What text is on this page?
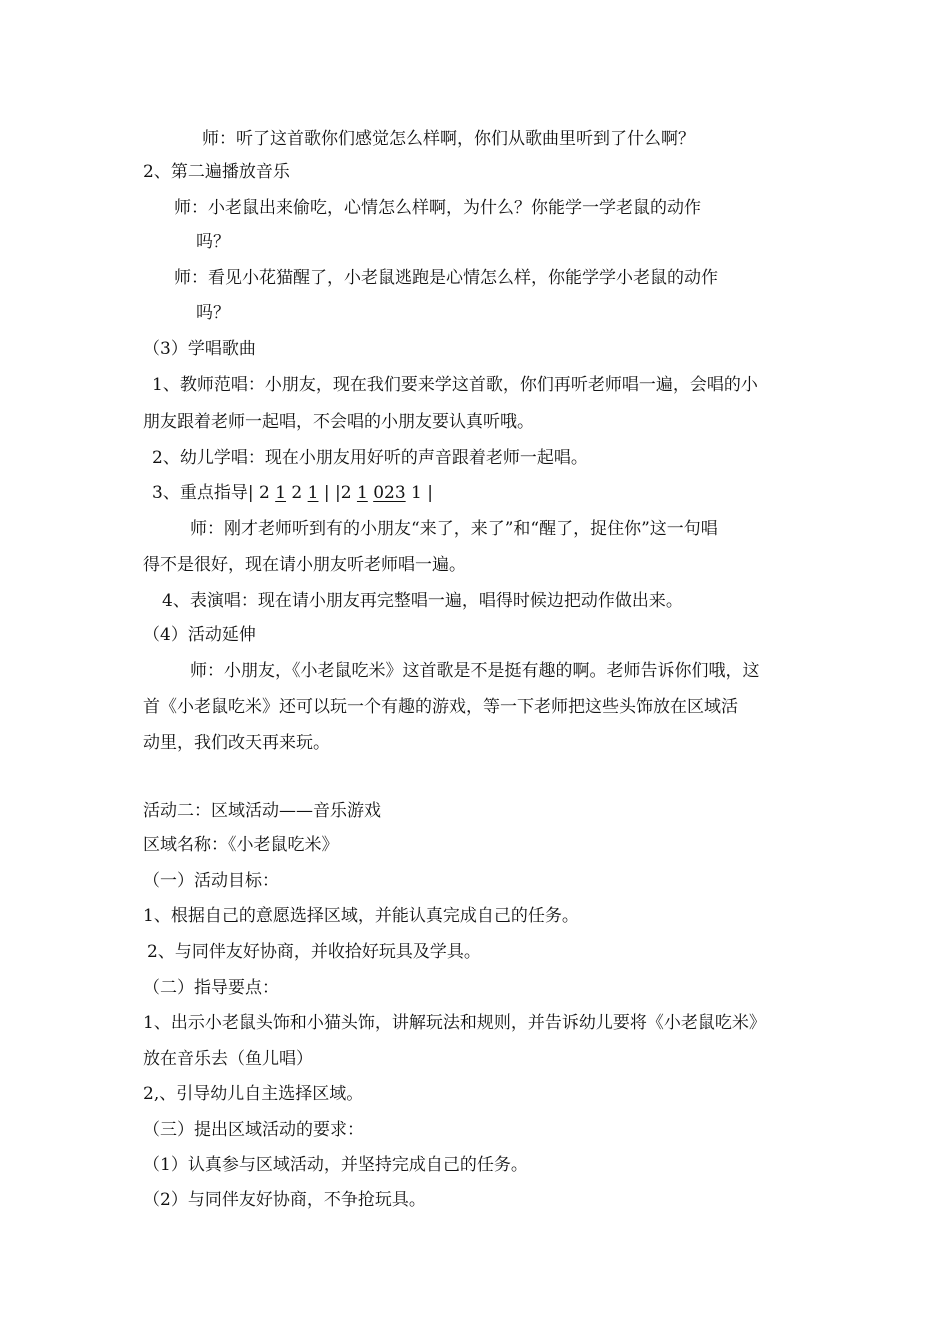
师：听了这首歌你们感觉怎么样啊，你们从歌曲里听到了什么啊？
2、第二遍播放音乐
师：小老鼠出来偷吃，心情怎么样啊，为什么？你能学一学老鼠的动作
吗？
师：看见小花猫醒了，小老鼠逃跑是心情怎么样，你能学学小老鼠的动作
吗？
（3）学唱歌曲
1、教师范唱：小朋友，现在我们要来学这首歌，你们再听老师唱一遍，会唱的小
朋友跟着老师一起唱，不会唱的小朋友要认真听哦。
2、幼儿学唱：现在小朋友用好听的声音跟着老师一起唱。
3、重点指导| 2 1 2 1 | |2 1 023 1 |
师：刚才老师听到有的小朋友“来了，来了”和“醒了，捉住你”这一句唱
得不是很好，现在请小朋友听老师唱一遍。
4、表演唱：现在请小朋友再完整唱一遍，唱得时候边把动作做出来。
（4）活动延伸
师：小朋友，《小老鼠吃米》这首歌是不是挺有趣的啊。老师告诉你们哦，这
首《小老鼠吃米》还可以玩一个有趣的游戏，等一下老师把这些头饰放在区域活
动里，我们改天再来玩。
活动二：区域活动——音乐游戏
区域名称：《小老鼠吃米》
（一）活动目标：
1、根据自己的意愿选择区域，并能认真完成自己的任务。
2、与同伴友好协商，并收拾好玩具及学具。
（二）指导要点：
1、出示小老鼠头饰和小猫头饰，讲解玩法和规则，并告诉幼儿要将《小老鼠吃米》
放在音乐去（鱼儿唱）
2,、引导幼儿自主选择区域。
（三）提出区域活动的要求：
（1）认真参与区域活动，并坚持完成自己的任务。
（2）与同伴友好协商，不争抢玩具。
